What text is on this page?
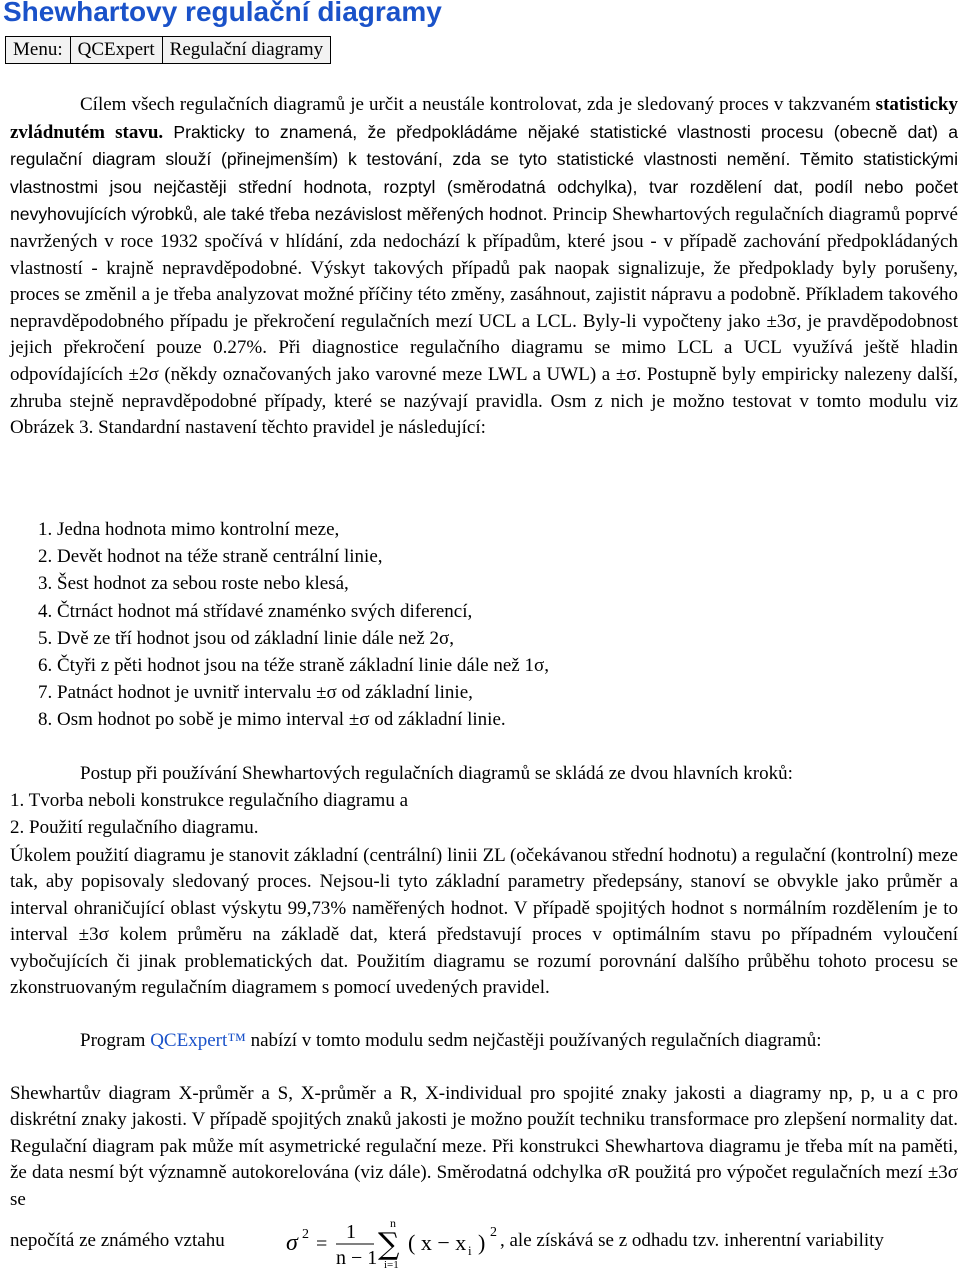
Shewhartovy regulační diagramy
Menu: QCExpert Regulační diagramy
Cílem všech regulačních diagramů je určit a neustále kontrolovat, zda je sledovaný proces v takzvaném statisticky zvládnutém stavu. Prakticky to znamená, že předpokládáme nějaké statistické vlastnosti procesu (obecně dat) a regulační diagram slouží (přinejmenším) k testování, zda se tyto statistické vlastnosti nemění. Těmito statistickými vlastnostmi jsou nejčastěji střední hodnota, rozptyl (směrodatná odchylka), tvar rozdělení dat, podíl nebo počet nevyhovujících výrobků, ale také třeba nezávislost měřených hodnot. Princip Shewhartových regulačních diagramů poprvé navržených v roce 1932 spočívá v hlídání, zda nedochází k případům, které jsou - v případě zachování předpokládaných vlastností - krajně nepravděpodobné. Výskyt takových případů pak naopak signalizuje, že předpoklady byly porušeny, proces se změnil a je třeba analyzovat možné příčiny této změny, zasáhnout, zajistit nápravu a podobně. Příkladem takového nepravděpodobného případu je překročení regulačních mezí UCL a LCL. Byly-li vypočteny jako ±3σ, je pravděpodobnost jejich překročení pouze 0.27%. Při diagnostice regulačního diagramu se mimo LCL a UCL využívá ještě hladin odpovídajících ±2σ (někdy označovaných jako varovné meze LWL a UWL) a ±σ. Postupně byly empiricky nalezeny další, zhruba stejně nepravděpodobné případy, které se nazývají pravidla. Osm z nich je možno testovat v tomto modulu viz Obrázek 3. Standardní nastavení těchto pravidel je následující:
1. Jedna hodnota mimo kontrolní meze,
2. Devět hodnot na téže straně centrální linie,
3. Šest hodnot za sebou roste nebo klesá,
4. Čtrnáct hodnot má střídavé znaménko svých diferencí,
5. Dvě ze tří hodnot jsou od základní linie dále než 2σ,
6. Čtyři z pěti hodnot jsou na téže straně základní linie dále než 1σ,
7. Patnáct hodnot je uvnitř intervalu ±σ od základní linie,
8. Osm hodnot po sobě je mimo interval ±σ od základní linie.
Postup při používání Shewhartových regulačních diagramů se skládá ze dvou hlavních kroků:
1. Tvorba neboli konstrukce regulačního diagramu a
2. Použití regulačního diagramu.
Úkolem použití diagramu je stanovit základní (centrální) linii ZL (očekávanou střední hodnotu) a regulační (kontrolní) meze tak, aby popisovaly sledovaný proces. Nejsou-li tyto základní parametry předepsány, stanoví se obvykle jako průměr a interval ohraničující oblast výskytu 99,73% naměřených hodnot. V případě spojitých hodnot s normálním rozdělením je to interval ±3σ kolem průměru na základě dat, která představují proces v optimálním stavu po případném vyloučení vybočujících či jinak problematických dat. Použitím diagramu se rozumí porovnání dalšího průběhu tohoto procesu se zkonstruovaným regulačním diagramem s pomocí uvedených pravidel.
Program QCExpert™ nabízí v tomto modulu sedm nejčastěji používaných regulačních diagramů:
Shewhartův diagram X-průměr a S, X-průměr a R, X-individual pro spojité znaky jakosti a diagramy np, p, u a c pro diskrétní znaky jakosti. V případě spojitých znaků jakosti je možno použít techniku transformace pro zlepšení normality dat. Regulační diagram pak může mít asymetrické regulační meze. Při konstrukci Shewhartova diagramu je třeba mít na paměti, že data nesmí být významně autokorelována (viz dále). Směrodatná odchylka σR použitá pro výpočet regulačních mezí ±3σ se
nepočítá ze známého vztahu	σ 2 =
1
n − 1
n
∑
i=1
( x − x i ) 2 , ale získává se z odhadu tzv. inherentní variability
